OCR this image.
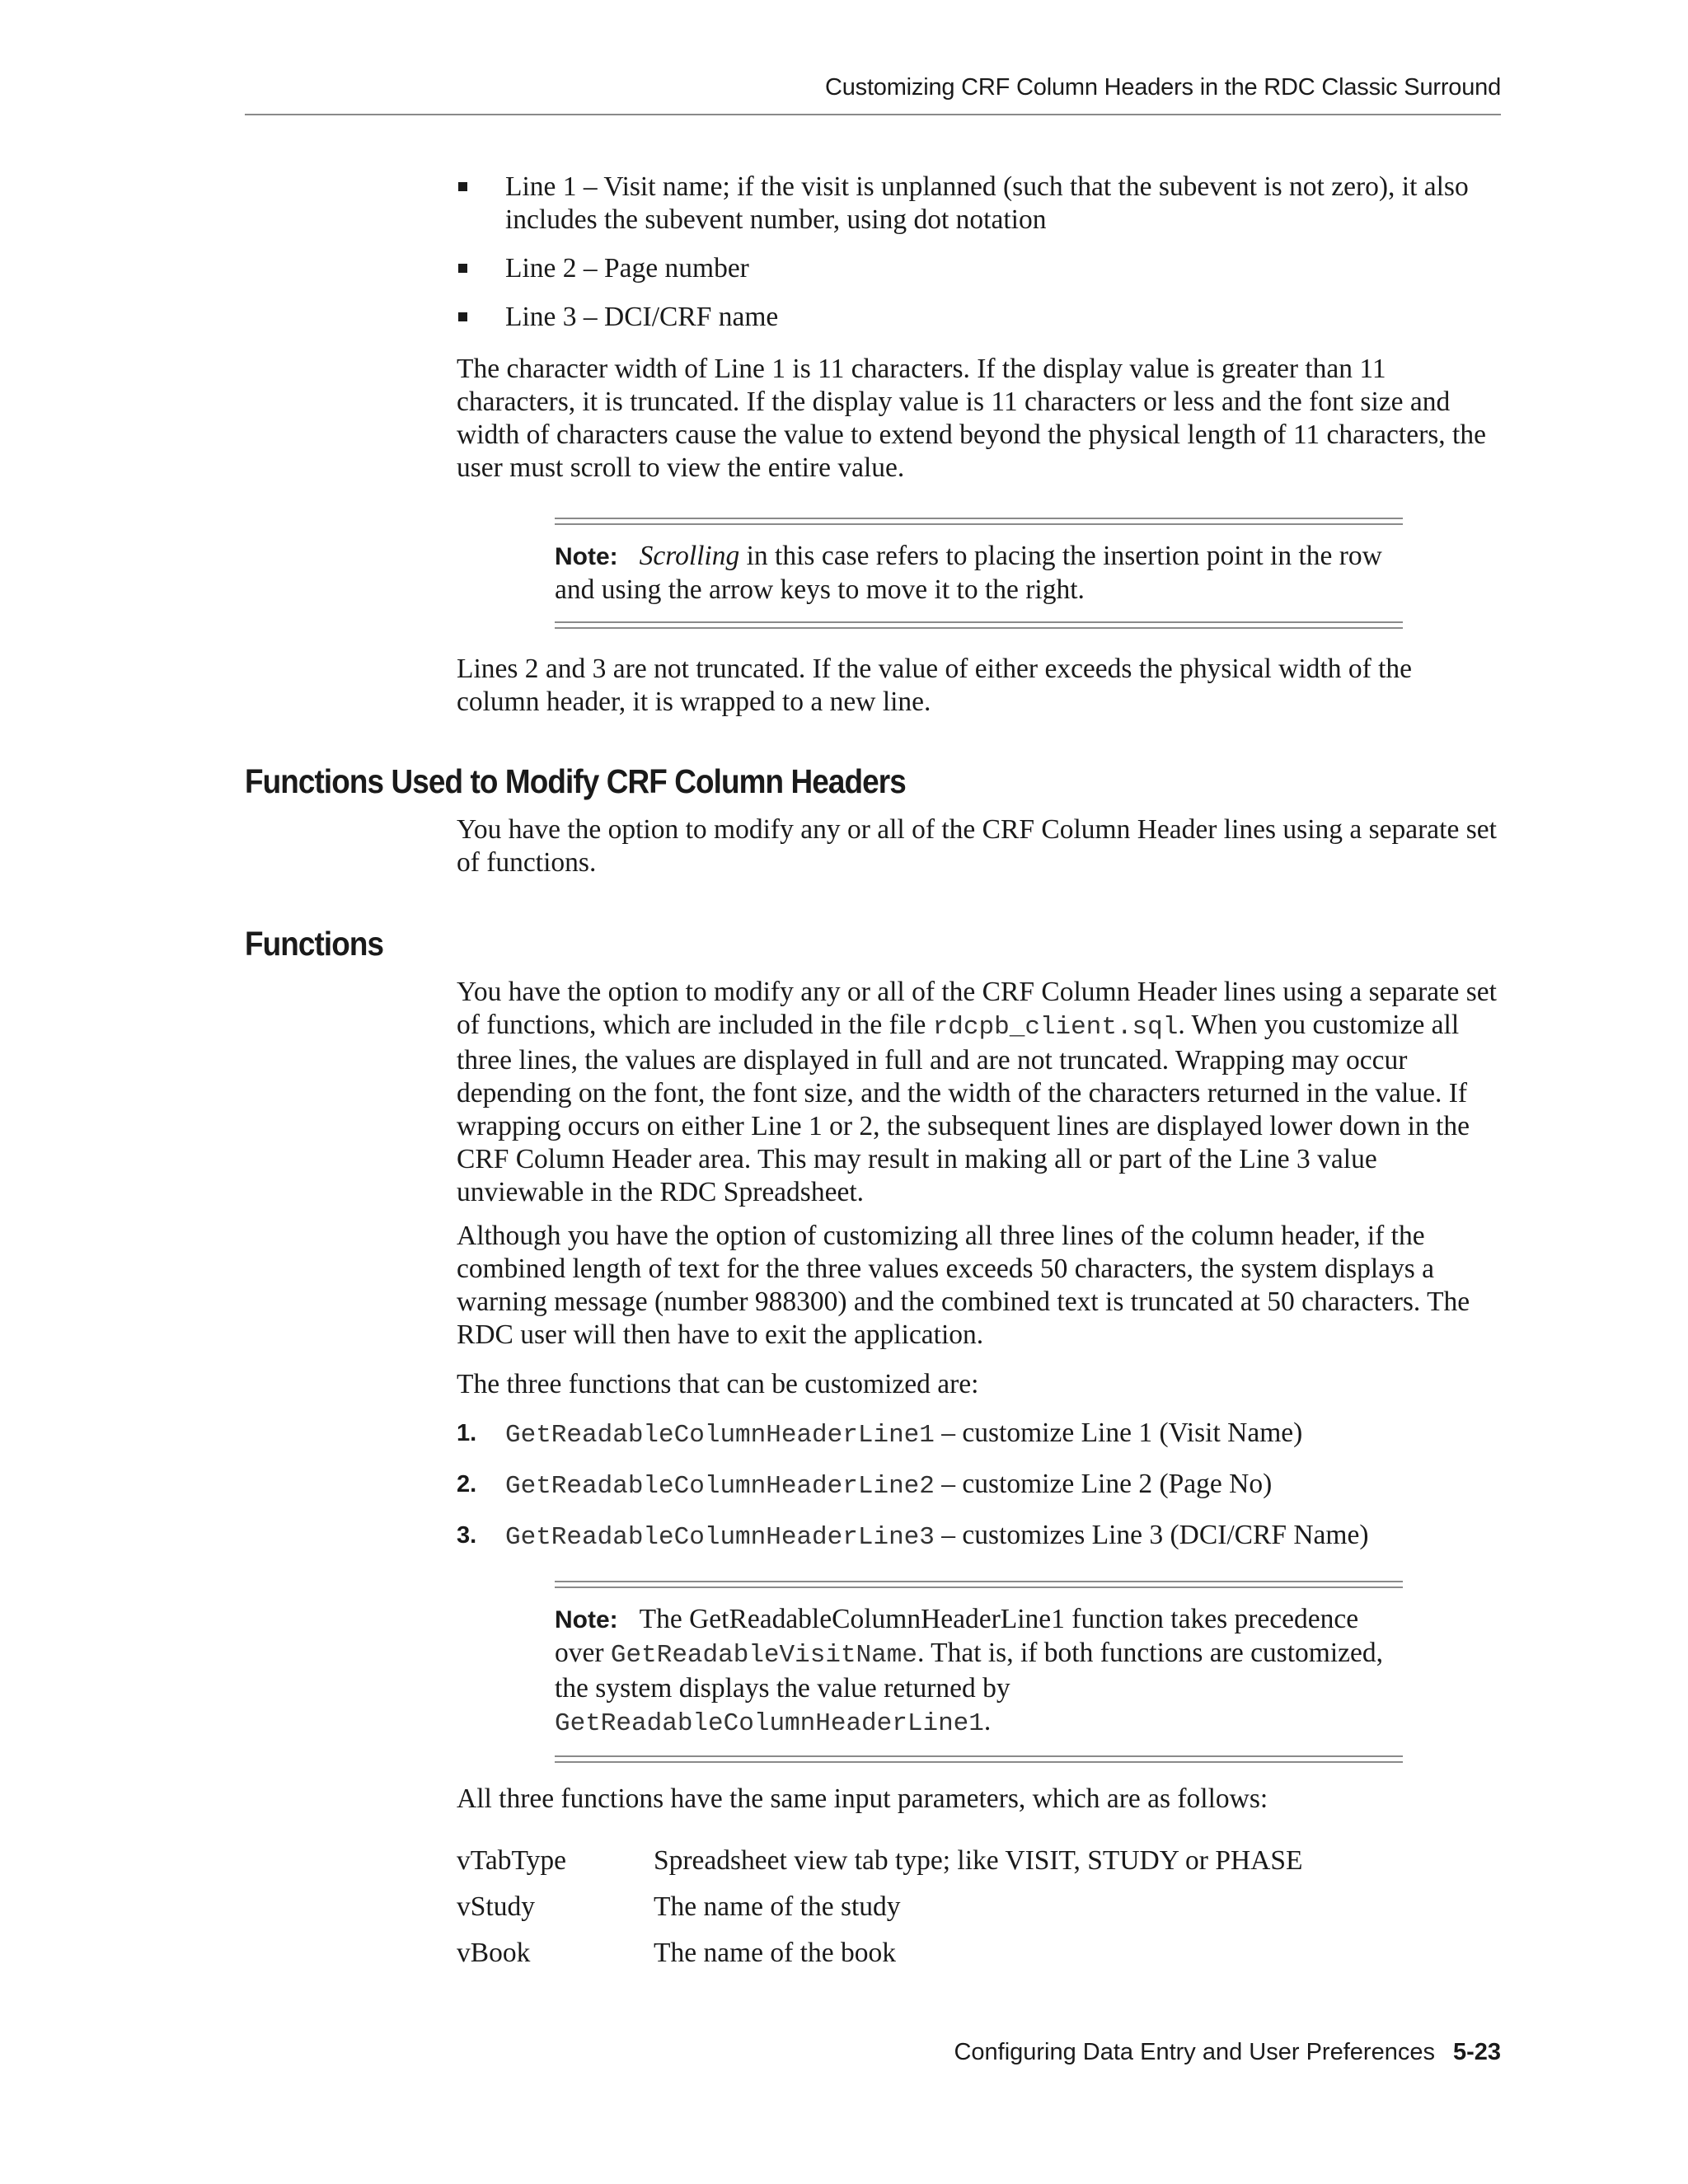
Customizing CRF Column Headers in the RDC Classic Surround
Line 1 – Visit name; if the visit is unplanned (such that the subevent is not zero), it also includes the subevent number, using dot notation
Line 2 – Page number
Line 3 – DCI/CRF name

The character width of Line 1 is 11 characters. If the display value is greater than 11 characters, it is truncated. If the display value is 11 characters or less and the font size and width of characters cause the value to extend beyond the physical length of 11 characters, the user must scroll to view the entire value.

Note: Scrolling in this case refers to placing the insertion point in the row and using the arrow keys to move it to the right.

Lines 2 and 3 are not truncated. If the value of either exceeds the physical width of the column header, it is wrapped to a new line.

Functions Used to Modify CRF Column Headers

You have the option to modify any or all of the CRF Column Header lines using a separate set of functions.

Functions

You have the option to modify any or all of the CRF Column Header lines using a separate set of functions, which are included in the file rdcpb_client.sql. When you customize all three lines, the values are displayed in full and are not truncated. Wrapping may occur depending on the font, the font size, and the width of the characters returned in the value. If wrapping occurs on either Line 1 or 2, the subsequent lines are displayed lower down in the CRF Column Header area. This may result in making all or part of the Line 3 value unviewable in the RDC Spreadsheet.

Although you have the option of customizing all three lines of the column header, if the combined length of text for the three values exceeds 50 characters, the system displays a warning message (number 988300) and the combined text is truncated at 50 characters. The RDC user will then have to exit the application.

The three functions that can be customized are:

1. GetReadableColumnHeaderLine1 – customize Line 1 (Visit Name)
2. GetReadableColumnHeaderLine2 – customize Line 2 (Page No)
3. GetReadableColumnHeaderLine3 – customizes Line 3 (DCI/CRF Name)

Note: The GetReadableColumnHeaderLine1 function takes precedence over GetReadableVisitName. That is, if both functions are customized, the system displays the value returned by GetReadableColumnHeaderLine1.

All three functions have the same input parameters, which are as follows:

vTabType	Spreadsheet view tab type; like VISIT, STUDY or PHASE
vStudy	The name of the study
vBook	The name of the book
Configuring Data Entry and User Preferences 5-23
